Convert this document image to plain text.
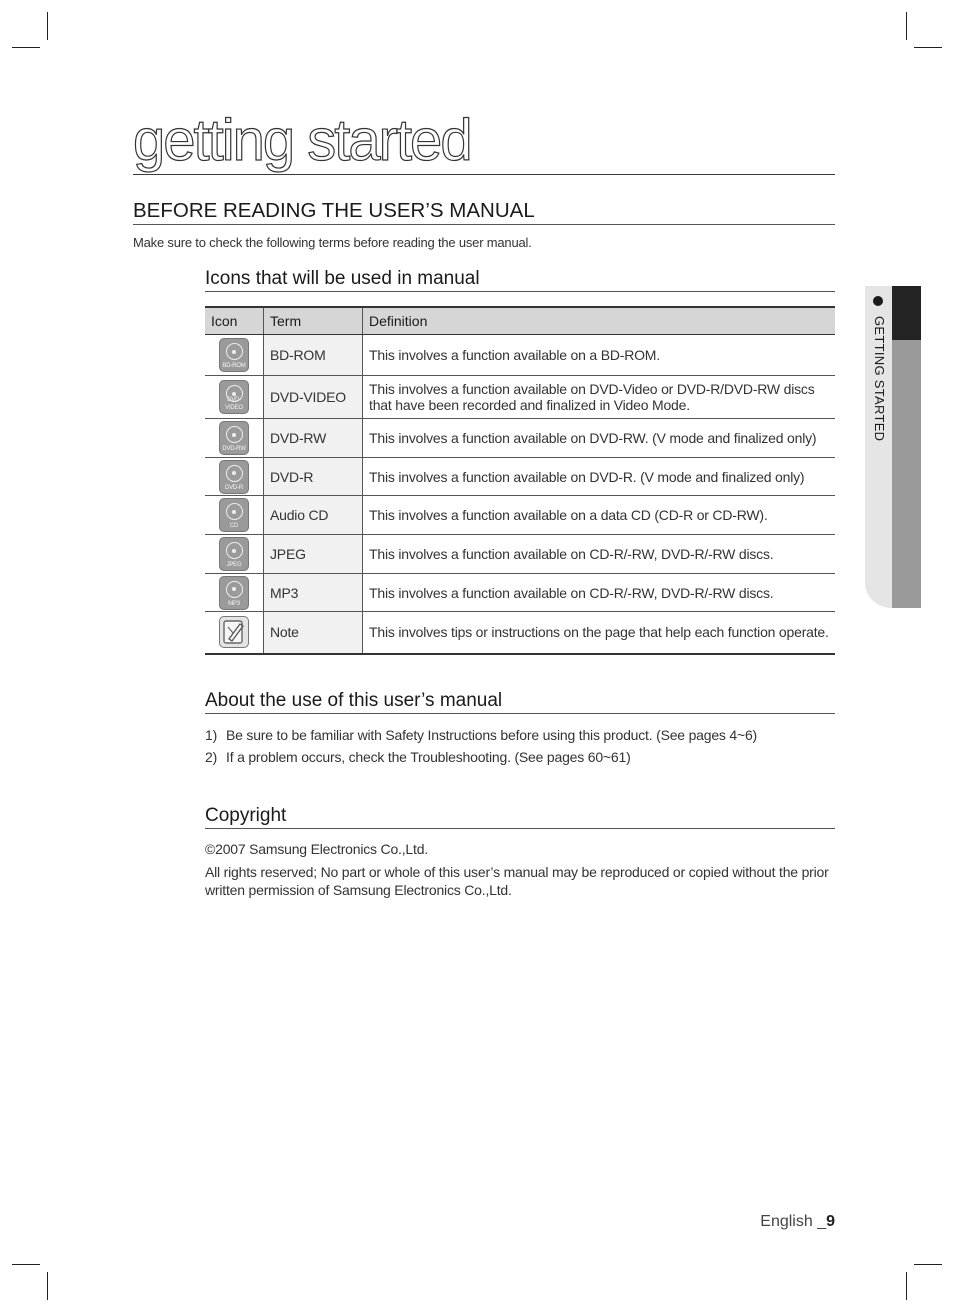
getting started
BEFORE READING THE USER’S MANUAL
Make sure to check the following terms before reading the user manual.
Icons that will be used in manual
Icon	Term	Definition

BD-ROM	BD-ROM	This involves a function available on a BD-ROM.

DVD-VIDEO	DVD-VIDEO	This involves a function available on DVD-Video or DVD-R/DVD-RW discs that have been recorded and finalized in Video Mode.

DVD-RW	DVD-RW	This involves a function available on DVD-RW. (V mode and finalized only)

DVD-R	DVD-R	This involves a function available on DVD-R. (V mode and finalized only)

CD	Audio CD	This involves a function available on a data CD (CD-R or CD-RW).

JPEG	JPEG	This involves a function available on CD-R/-RW, DVD-R/-RW discs.

MP3	MP3	This involves a function available on CD-R/-RW, DVD-R/-RW discs.

	Note	This involves tips or instructions on the page that help each function operate.
About the use of this user’s manual
1) Be sure to be familiar with Safety Instructions before using this product. (See pages 4~6)
2) If a problem occurs, check the Troubleshooting. (See pages 60~61)
Copyright
©2007 Samsung Electronics Co.,Ltd.
All rights reserved; No part or whole of this user’s manual may be reproduced or copied without the prior written permission of Samsung Electronics Co.,Ltd.
GETTING STARTED
English _9
